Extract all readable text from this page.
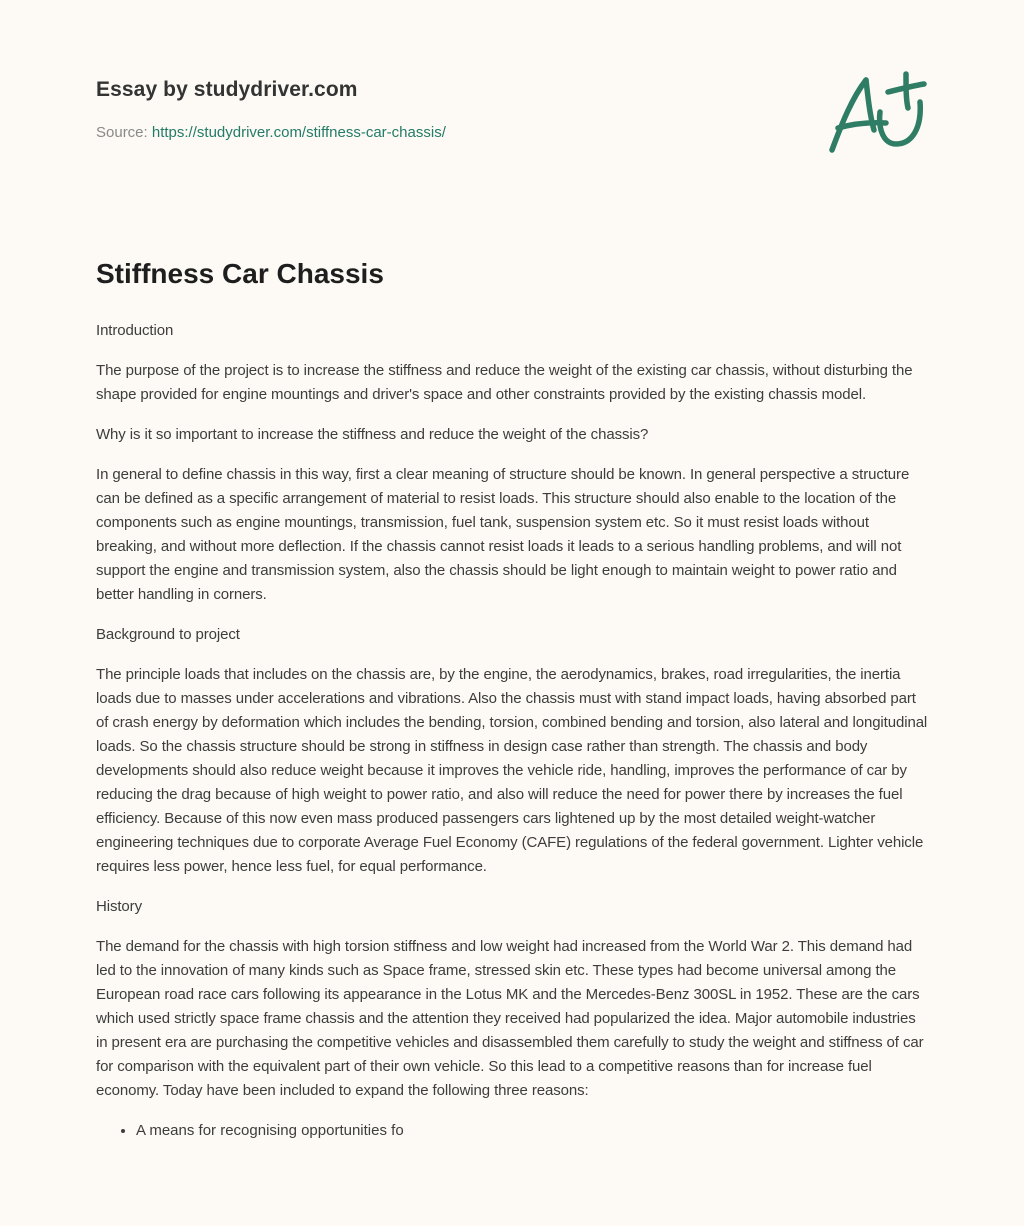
Essay by studydriver.com
Source: https://studydriver.com/stiffness-car-chassis/
Stiffness Car Chassis

Introduction

The purpose of the project is to increase the stiffness and reduce the weight of the existing car chassis, without disturbing the shape provided for engine mountings and driver's space and other constraints provided by the existing chassis model.

Why is it so important to increase the stiffness and reduce the weight of the chassis?

In general to define chassis in this way, first a clear meaning of structure should be known. In general perspective a structure can be defined as a specific arrangement of material to resist loads. This structure should also enable to the location of the components such as engine mountings, transmission, fuel tank, suspension system etc. So it must resist loads without breaking, and without more deflection. If the chassis cannot resist loads it leads to a serious handling problems, and will not support the engine and transmission system, also the chassis should be light enough to maintain weight to power ratio and better handling in corners.

Background to project

The principle loads that includes on the chassis are, by the engine, the aerodynamics, brakes, road irregularities, the inertia loads due to masses under accelerations and vibrations. Also the chassis must with stand impact loads, having absorbed part of crash energy by deformation which includes the bending, torsion, combined bending and torsion, also lateral and longitudinal loads. So the chassis structure should be strong in stiffness in design case rather than strength. The chassis and body developments should also reduce weight because it improves the vehicle ride, handling, improves the performance of car by reducing the drag because of high weight to power ratio, and also will reduce the need for power there by increases the fuel efficiency. Because of this now even mass produced passengers cars lightened up by the most detailed weight-watcher engineering techniques due to corporate Average Fuel Economy (CAFE) regulations of the federal government. Lighter vehicle requires less power, hence less fuel, for equal performance.

History

The demand for the chassis with high torsion stiffness and low weight had increased from the World War 2. This demand had led to the innovation of many kinds such as Space frame, stressed skin etc. These types had become universal among the European road race cars following its appearance in the Lotus MK and the Mercedes-Benz 300SL in 1952. These are the cars which used strictly space frame chassis and the attention they received had popularized the idea. Major automobile industries in present era are purchasing the competitive vehicles and disassembled them carefully to study the weight and stiffness of car for comparison with the equivalent part of their own vehicle. So this lead to a competitive reasons than for increase fuel economy. Today have been included to expand the following three reasons:

• A means for recognising opportunities fo
